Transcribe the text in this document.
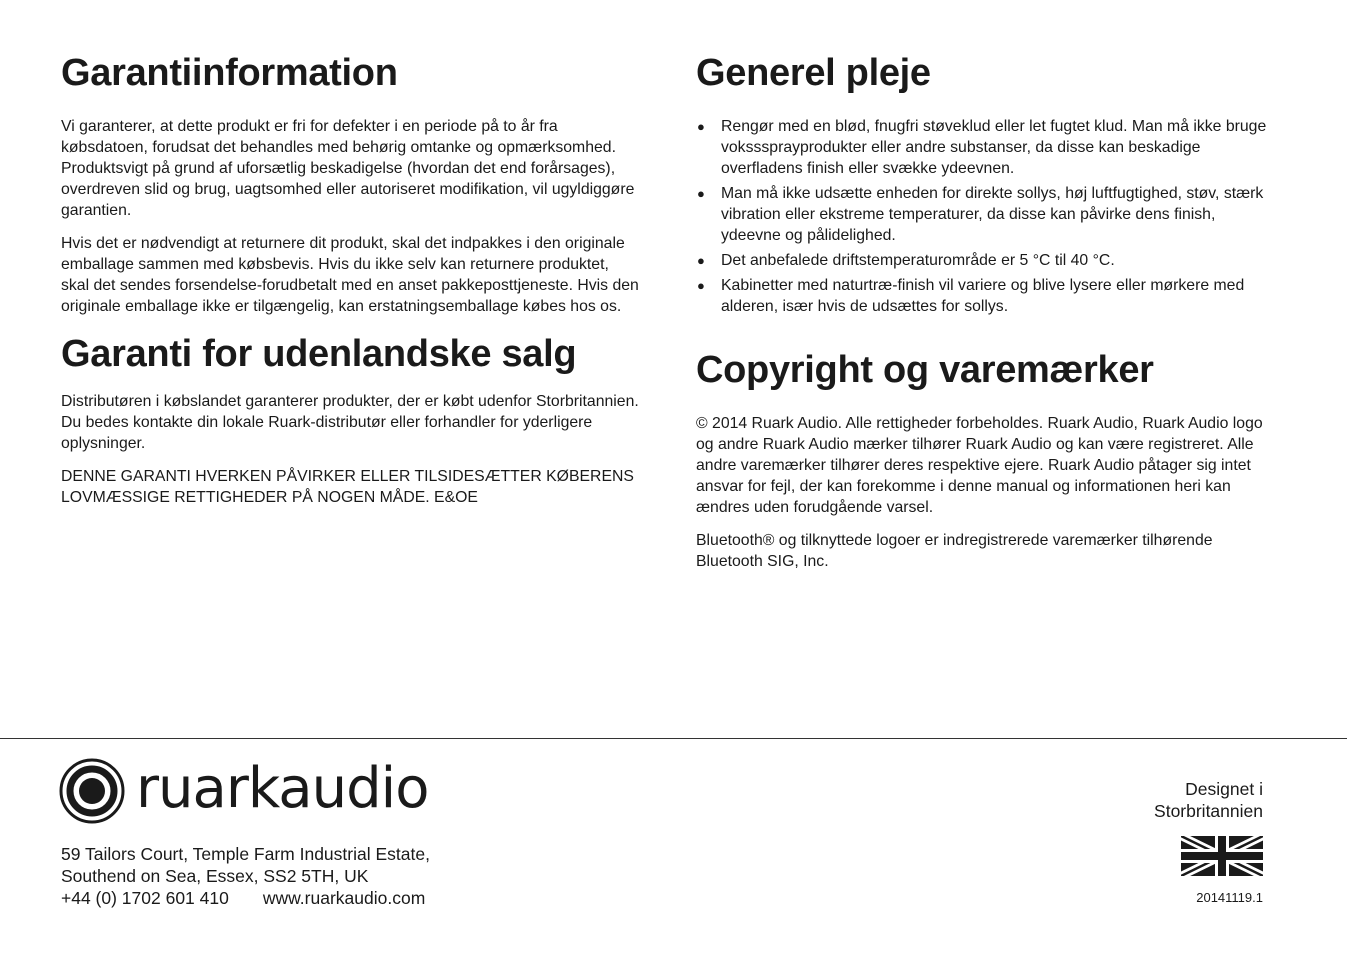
Garantiinformation

Vi garanterer, at dette produkt er fri for defekter i en periode på to år fra købsdatoen, forudsat det behandles med behørig omtanke og opmærksomhed. Produktsvigt på grund af uforsætlig beskadigelse (hvordan det end forårsages), overdreven slid og brug, uagtsomhed eller autoriseret modifikation, vil ugyldiggøre garantien.

Hvis det er nødvendigt at returnere dit produkt, skal det indpakkes i den originale emballage sammen med købsbevis. Hvis du ikke selv kan returnere produktet, skal det sendes forsendelse-forudbetalt med en anset pakkeposttjeneste. Hvis den originale emballage ikke er tilgængelig, kan erstatningsemballage købes hos os.

Garanti for udenlandske salg

Distributøren i købslandet garanterer produkter, der er købt udenfor Storbritannien. Du bedes kontakte din lokale Ruark-distributør eller forhandler for yderligere oplysninger.

DENNE GARANTI HVERKEN PÅVIRKER ELLER TILSIDESÆTTER KØBERENS LOVMÆSSIGE RETTIGHEDER PÅ NOGEN MÅDE. E&OE

Generel pleje
● Rengør med en blød, fnugfri støveklud eller let fugtet klud. Man må ikke bruge voksssprayprodukter eller andre substanser, da disse kan beskadige overfladens finish eller svække ydeevnen.
● Man må ikke udsætte enheden for direkte sollys, høj luftfugtighed, støv, stærk vibration eller ekstreme temperaturer, da disse kan påvirke dens finish, ydeevne og pålidelighed.
● Det anbefalede driftstemperaturområde er 5 °C til 40 °C.
● Kabinetter med naturtræ-finish vil variere og blive lysere eller mørkere med alderen, især hvis de udsættes for sollys.
Copyright og varemærker

© 2014 Ruark Audio. Alle rettigheder forbeholdes. Ruark Audio, Ruark Audio logo og andre Ruark Audio mærker tilhører Ruark Audio og kan være registreret. Alle andre varemærker tilhører deres respektive ejere. Ruark Audio påtager sig intet ansvar for fejl, der kan forekomme i denne manual og informationen heri kan ændres uden forudgående varsel.

Bluetooth® og tilknyttede logoer er indregistrerede varemærker tilhørende Bluetooth SIG, Inc.

ruarkaudio

59 Tailors Court, Temple Farm Industrial Estate,

Southend on Sea, Essex, SS2 5TH, UK

+44 (0) 1702 601 410 www.ruarkaudio.com

Designet i

Storbritannien

20141119.1
